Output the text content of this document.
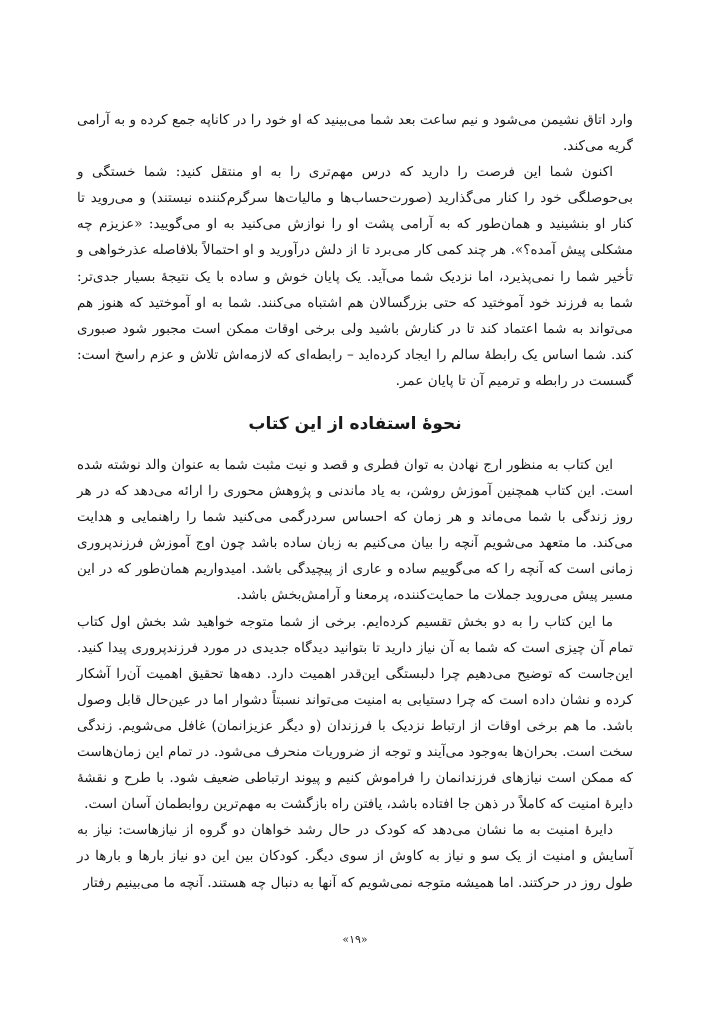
وارد اتاق نشیمن می‌شود و نیم ساعت بعد شما می‌بینید که او خود را در کاناپه جمع کرده و به آرامی گریه می‌کند.

اکنون شما این فرصت را دارید که درس مهم‌تری را به او منتقل کنید: شما خستگی و بی‌حوصلگی خود را کنار می‌گذارید (صورت‌حساب‌ها و مالیات‌ها سرگرم‌کننده نیستند) و می‌روید تا کنار او بنشینید و همان‌طور که به آرامی پشت او را نوازش می‌کنید به او می‌گویید: «عزیزم چه مشکلی پیش آمده؟». هر چند کمی کار می‌برد تا از دلش درآورید و او احتمالاً بلافاصله عذرخواهی و تأخیر شما را نمی‌پذیرد، اما نزدیک شما می‌آید. یک پایان خوش و ساده با یک نتیجهٔ بسیار جدی‌تر: شما به فرزند خود آموختید که حتی بزرگسالان هم اشتباه می‌کنند. شما به او آموختید که هنوز هم می‌تواند به شما اعتماد کند تا در کنارش باشید ولی برخی اوقات ممکن است مجبور شود صبوری کند. شما اساس یک رابطهٔ سالم را ایجاد کرده‌اید – رابطه‌ای که لازمه‌اش تلاش و عزم راسخ است: گسست در رابطه و ترمیم آن تا پایان عمر.

نحوهٔ استفاده از این کتاب

این کتاب به منظور ارج نهادن به توان فطری و قصد و نیت مثبت شما به عنوان والد نوشته شده است. این کتاب همچنین آموزش روشن، به یاد ماندنی و پژوهش محوری را ارائه می‌دهد که در هر روز زندگی با شما می‌ماند و هر زمان که احساس سردرگمی می‌کنید شما را راهنمایی و هدایت می‌کند. ما متعهد می‌شویم آنچه را بیان می‌کنیم به زبان ساده باشد چون اوج آموزش فرزندپروری زمانی است که آنچه را که می‌گوییم ساده و عاری از پیچیدگی باشد. امیدواریم همان‌طور که در این مسیر پیش می‌روید جملات ما حمایت‌کننده، پرمعنا و آرامش‌بخش باشد.

ما این کتاب را به دو بخش تقسیم کرده‌ایم. برخی از شما متوجه خواهید شد بخش اول کتاب تمام آن چیزی است که شما به آن نیاز دارید تا بتوانید دیدگاه جدیدی در مورد فرزندپروری پیدا کنید. این‌جاست که توضیح می‌دهیم چرا دلبستگی این‌قدر اهمیت دارد. دهه‌ها تحقیق اهمیت آن‌را آشکار کرده و نشان داده است که چرا دستیابی به امنیت می‌تواند نسبتاً دشوار اما در عین‌حال قابل وصول باشد. ما هم برخی اوقات از ارتباط نزدیک با فرزندان (و دیگر عزیزانمان) غافل می‌شویم. زندگی سخت است. بحران‌ها به‌وجود می‌آیند و توجه از ضروریات منحرف می‌شود. در تمام این زمان‌هاست که ممکن است نیازهای فرزندانمان را فراموش کنیم و پیوند ارتباطی ضعیف شود. با طرح و نقشهٔ دایرهٔ امنیت که کاملاً در ذهن جا افتاده باشد، یافتن راه بازگشت به مهم‌ترین روابطمان آسان است.

دایرهٔ امنیت به ما نشان می‌دهد که کودک در حال رشد خواهان دو گروه از نیازهاست: نیاز به آسایش و امنیت از یک سو و نیاز به کاوش از سوی دیگر. کودکان بین این دو نیاز بارها و بارها در طول روز در حرکتند. اما همیشه متوجه نمی‌شویم که آنها به دنبال چه هستند. آنچه ما می‌بینیم رفتار

«۱۹»
